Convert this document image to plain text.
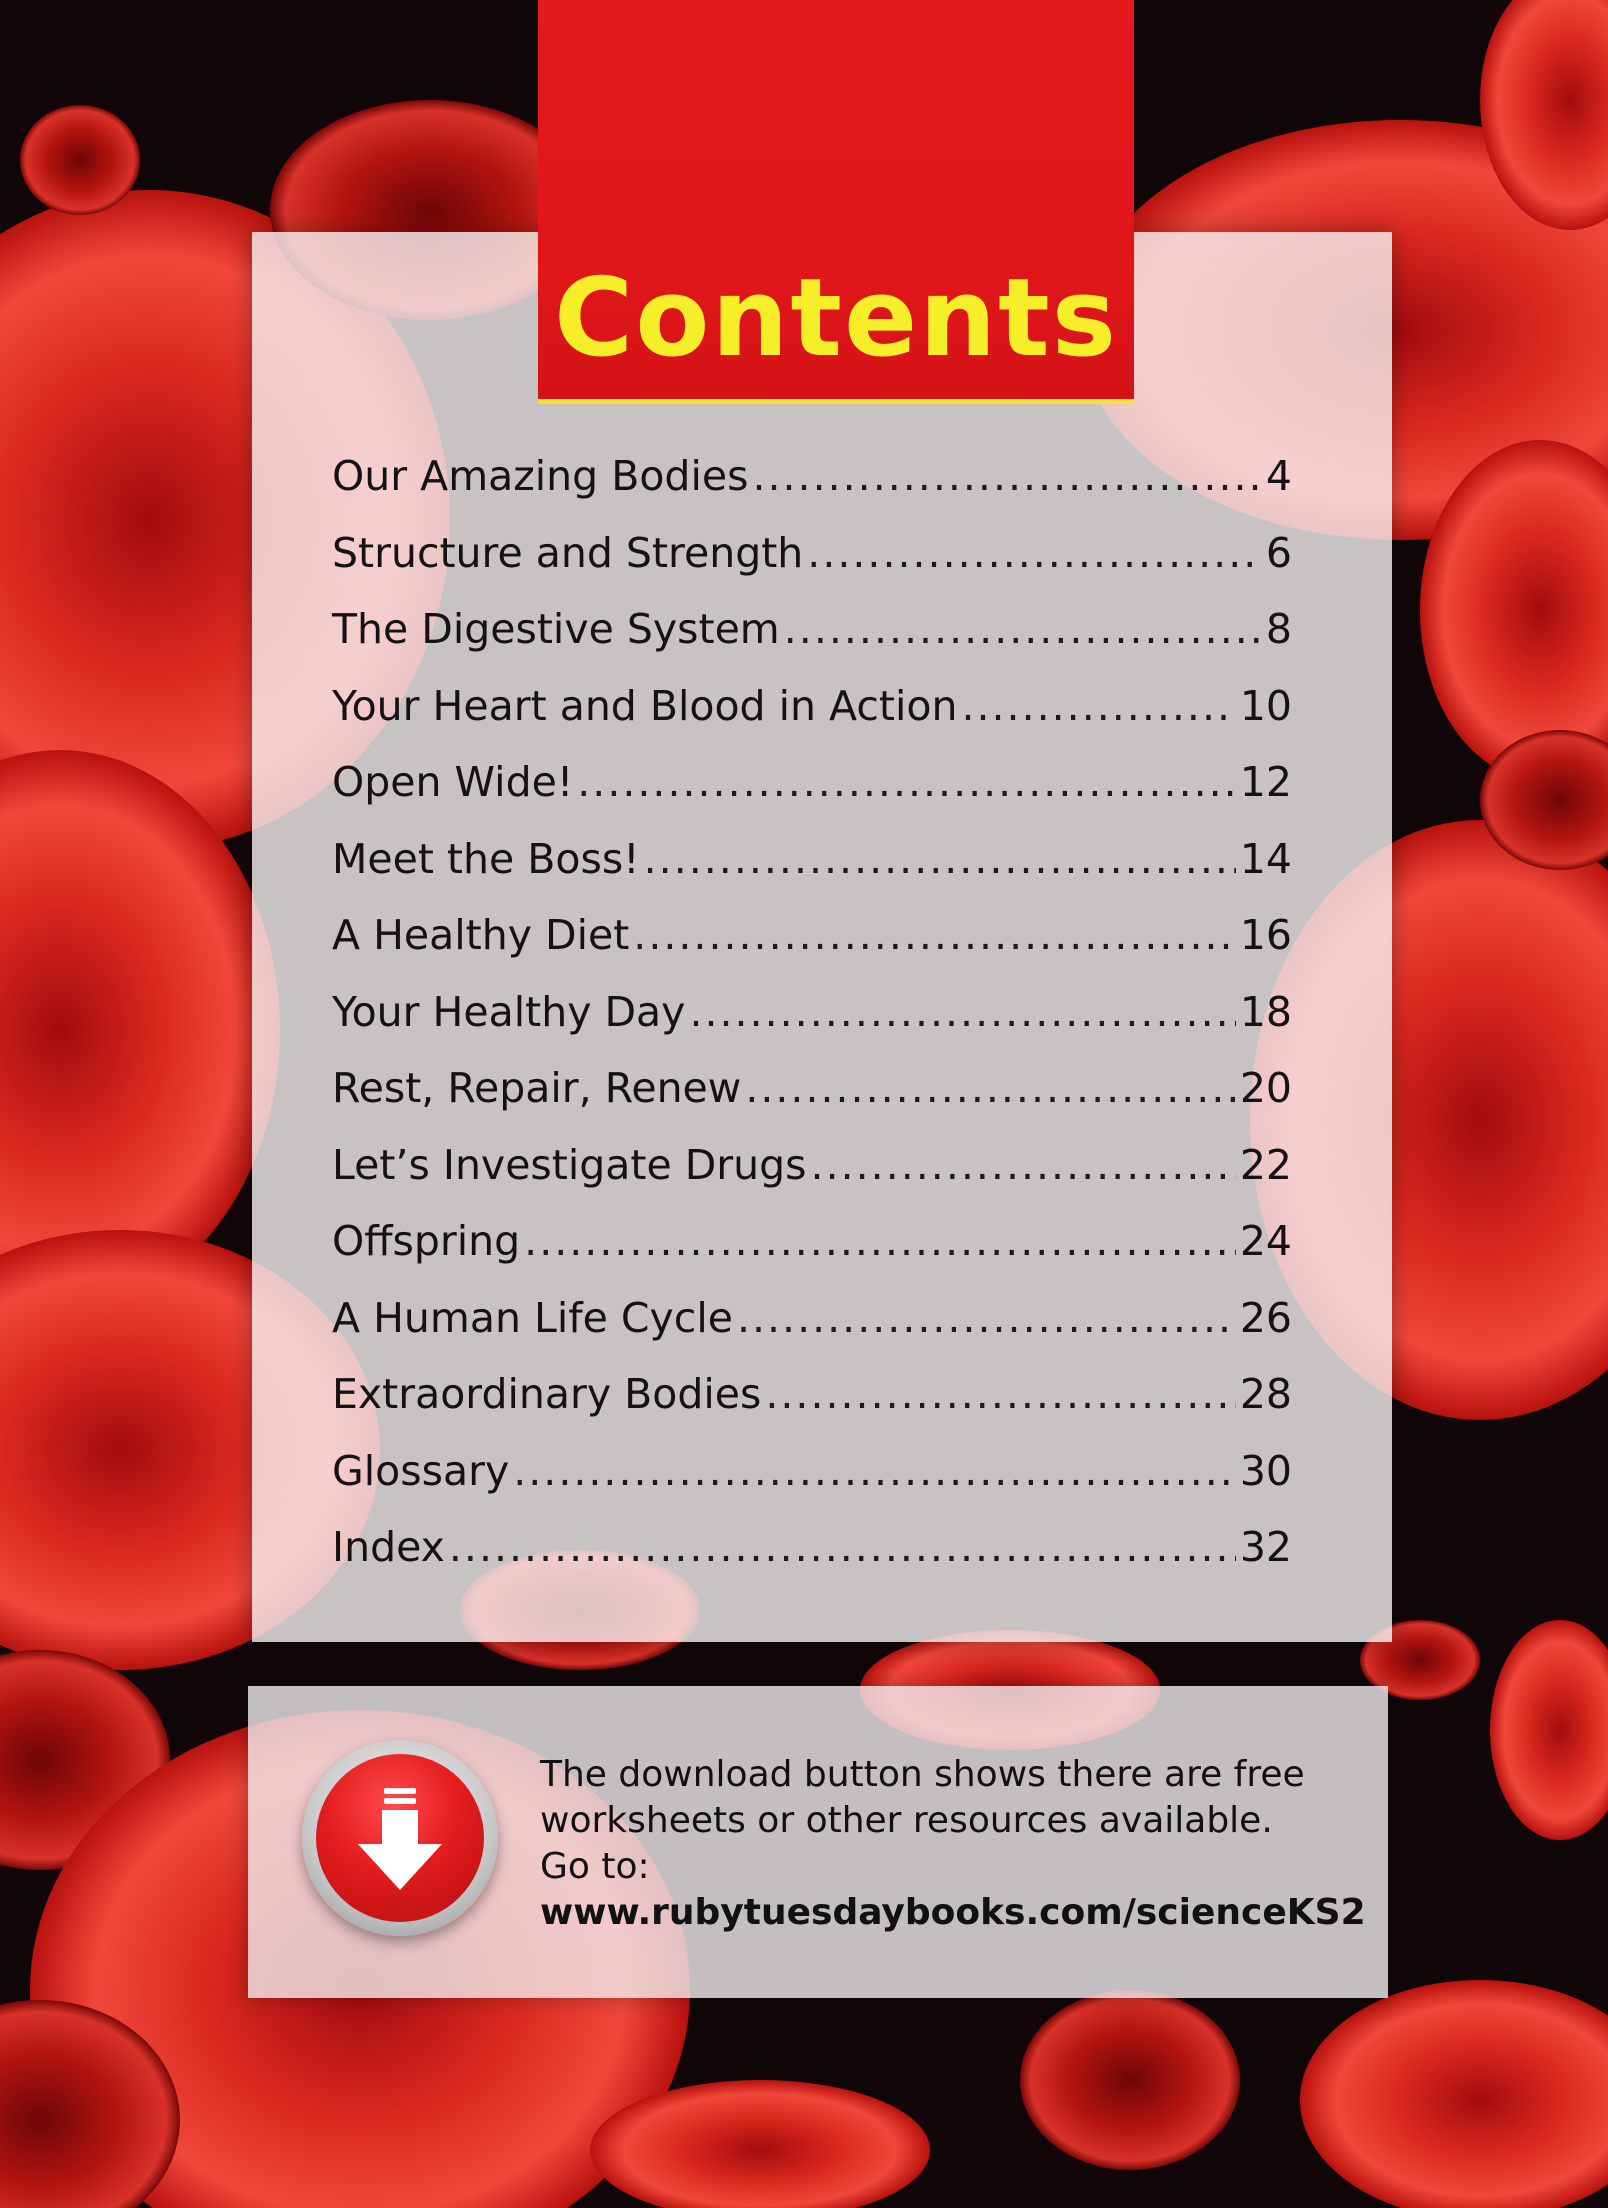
Contents
Our Amazing Bodies .....	4
Structure and Strength .....	6
The Digestive System .....	8
Your Heart and Blood in Action .....	10
Open Wide! .....	12
Meet the Boss! .....	14
A Healthy Diet .....	16
Your Healthy Day .....	18
Rest, Repair, Renew .....	20
Let’s Investigate Drugs .....	22
Offspring .....	24
A Human Life Cycle .....	26
Extraordinary Bodies .....	28
Glossary .....	30
Index .....	32
The download button shows there are free
worksheets or other resources available.
Go to:
www.rubytuesdaybooks.com/scienceKS2
